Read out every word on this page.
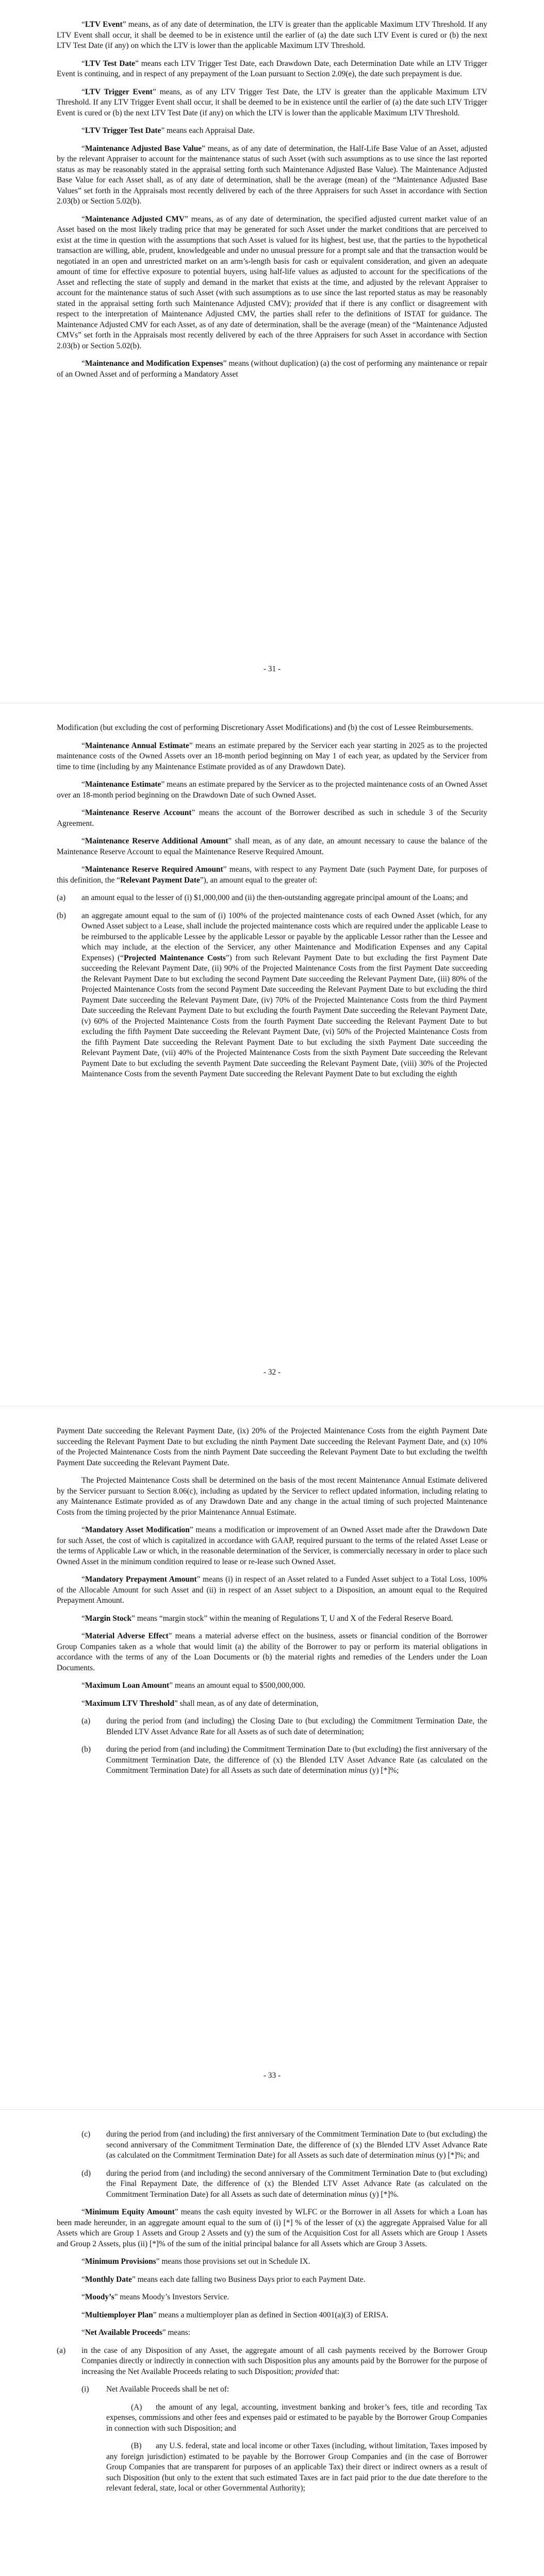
“LTV Event” means, as of any date of determination, the LTV is greater than the applicable Maximum LTV Threshold. If any LTV Event shall occur, it shall be deemed to be in existence until the earlier of (a) the date such LTV Event is cured or (b) the next LTV Test Date (if any) on which the LTV is lower than the applicable Maximum LTV Threshold.

“LTV Test Date” means each LTV Trigger Test Date, each Drawdown Date, each Determination Date while an LTV Trigger Event is continuing, and in respect of any prepayment of the Loan pursuant to Section 2.09(e), the date such prepayment is due.

“LTV Trigger Event” means, as of any LTV Trigger Test Date, the LTV is greater than the applicable Maximum LTV Threshold. If any LTV Trigger Event shall occur, it shall be deemed to be in existence until the earlier of (a) the date such LTV Trigger Event is cured or (b) the next LTV Test Date (if any) on which the LTV is lower than the applicable Maximum LTV Threshold.

“LTV Trigger Test Date” means each Appraisal Date.

“Maintenance Adjusted Base Value” means, as of any date of determination, the Half-Life Base Value of an Asset, adjusted by the relevant Appraiser to account for the maintenance status of such Asset (with such assumptions as to use since the last reported status as may be reasonably stated in the appraisal setting forth such Maintenance Adjusted Base Value). The Maintenance Adjusted Base Value for each Asset shall, as of any date of determination, shall be the average (mean) of the “Maintenance Adjusted Base Values” set forth in the Appraisals most recently delivered by each of the three Appraisers for such Asset in accordance with Section 2.03(b) or Section 5.02(b).

“Maintenance Adjusted CMV” means, as of any date of determination, the specified adjusted current market value of an Asset based on the most likely trading price that may be generated for such Asset under the market conditions that are perceived to exist at the time in question with the assumptions that such Asset is valued for its highest, best use, that the parties to the hypothetical transaction are willing, able, prudent, knowledgeable and under no unusual pressure for a prompt sale and that the transaction would be negotiated in an open and unrestricted market on an arm’s-length basis for cash or equivalent consideration, and given an adequate amount of time for effective exposure to potential buyers, using half-life values as adjusted to account for the specifications of the Asset and reflecting the state of supply and demand in the market that exists at the time, and adjusted by the relevant Appraiser to account for the maintenance status of such Asset (with such assumptions as to use since the last reported status as may be reasonably stated in the appraisal setting forth such Maintenance Adjusted CMV); provided that if there is any conflict or disagreement with respect to the interpretation of Maintenance Adjusted CMV, the parties shall refer to the definitions of ISTAT for guidance. The Maintenance Adjusted CMV for each Asset, as of any date of determination, shall be the average (mean) of the “Maintenance Adjusted CMVs” set forth in the Appraisals most recently delivered by each of the three Appraisers for such Asset in accordance with Section 2.03(b) or Section 5.02(b).

“Maintenance and Modification Expenses” means (without duplication) (a) the cost of performing any maintenance or repair of an Owned Asset and of performing a Mandatory Asset

- 31 -

Modification (but excluding the cost of performing Discretionary Asset Modifications) and (b) the cost of Lessee Reimbursements.

“Maintenance Annual Estimate” means an estimate prepared by the Servicer each year starting in 2025 as to the projected maintenance costs of the Owned Assets over an 18-month period beginning on May 1 of each year, as updated by the Servicer from time to time (including by any Maintenance Estimate provided as of any Drawdown Date).

“Maintenance Estimate” means an estimate prepared by the Servicer as to the projected maintenance costs of an Owned Asset over an 18-month period beginning on the Drawdown Date of such Owned Asset.

“Maintenance Reserve Account” means the account of the Borrower described as such in schedule 3 of the Security Agreement.

“Maintenance Reserve Additional Amount” shall mean, as of any date, an amount necessary to cause the balance of the Maintenance Reserve Account to equal the Maintenance Reserve Required Amount.

“Maintenance Reserve Required Amount” means, with respect to any Payment Date (such Payment Date, for purposes of this definition, the “Relevant Payment Date”), an amount equal to the greater of:

(a) an amount equal to the lesser of (i) $1,000,000 and (ii) the then-outstanding aggregate principal amount of the Loans; and

(b) an aggregate amount equal to the sum of (i) 100% of the projected maintenance costs of each Owned Asset (which, for any Owned Asset subject to a Lease, shall include the projected maintenance costs which are required under the applicable Lease to be reimbursed to the applicable Lessee by the applicable Lessor or payable by the applicable Lessor rather than the Lessee and which may include, at the election of the Servicer, any other Maintenance and Modification Expenses and any Capital Expenses) (“Projected Maintenance Costs”) from such Relevant Payment Date to but excluding the first Payment Date succeeding the Relevant Payment Date, (ii) 90% of the Projected Maintenance Costs from the first Payment Date succeeding the Relevant Payment Date to but excluding the second Payment Date succeeding the Relevant Payment Date, (iii) 80% of the Projected Maintenance Costs from the second Payment Date succeeding the Relevant Payment Date to but excluding the third Payment Date succeeding the Relevant Payment Date, (iv) 70% of the Projected Maintenance Costs from the third Payment Date succeeding the Relevant Payment Date to but excluding the fourth Payment Date succeeding the Relevant Payment Date, (v) 60% of the Projected Maintenance Costs from the fourth Payment Date succeeding the Relevant Payment Date to but excluding the fifth Payment Date succeeding the Relevant Payment Date, (vi) 50% of the Projected Maintenance Costs from the fifth Payment Date succeeding the Relevant Payment Date to but excluding the sixth Payment Date succeeding the Relevant Payment Date, (vii) 40% of the Projected Maintenance Costs from the sixth Payment Date succeeding the Relevant Payment Date to but excluding the seventh Payment Date succeeding the Relevant Payment Date, (viii) 30% of the Projected Maintenance Costs from the seventh Payment Date succeeding the Relevant Payment Date to but excluding the eighth

- 32 -

Payment Date succeeding the Relevant Payment Date, (ix) 20% of the Projected Maintenance Costs from the eighth Payment Date succeeding the Relevant Payment Date to but excluding the ninth Payment Date succeeding the Relevant Payment Date, and (x) 10% of the Projected Maintenance Costs from the ninth Payment Date succeeding the Relevant Payment Date to but excluding the twelfth Payment Date succeeding the Relevant Payment Date.

The Projected Maintenance Costs shall be determined on the basis of the most recent Maintenance Annual Estimate delivered by the Servicer pursuant to Section 8.06(c), including as updated by the Servicer to reflect updated information, including relating to any Maintenance Estimate provided as of any Drawdown Date and any change in the actual timing of such projected Maintenance Costs from the timing projected by the prior Maintenance Annual Estimate.

“Mandatory Asset Modification” means a modification or improvement of an Owned Asset made after the Drawdown Date for such Asset, the cost of which is capitalized in accordance with GAAP, required pursuant to the terms of the related Asset Lease or the terms of Applicable Law or which, in the reasonable determination of the Servicer, is commercially necessary in order to place such Owned Asset in the minimum condition required to lease or re-lease such Owned Asset.

“Mandatory Prepayment Amount” means (i) in respect of an Asset related to a Funded Asset subject to a Total Loss, 100% of the Allocable Amount for such Asset and (ii) in respect of an Asset subject to a Disposition, an amount equal to the Required Prepayment Amount.

“Margin Stock” means “margin stock” within the meaning of Regulations T, U and X of the Federal Reserve Board.

“Material Adverse Effect” means a material adverse effect on the business, assets or financial condition of the Borrower Group Companies taken as a whole that would limit (a) the ability of the Borrower to pay or perform its material obligations in accordance with the terms of any of the Loan Documents or (b) the material rights and remedies of the Lenders under the Loan Documents.

“Maximum Loan Amount” means an amount equal to $500,000,000.

“Maximum LTV Threshold” shall mean, as of any date of determination,

(a) during the period from (and including) the Closing Date to (but excluding) the Commitment Termination Date, the Blended LTV Asset Advance Rate for all Assets as of such date of determination;

(b) during the period from (and including) the Commitment Termination Date to (but excluding) the first anniversary of the Commitment Termination Date, the difference of (x) the Blended LTV Asset Advance Rate (as calculated on the Commitment Termination Date) for all Assets as such date of determination minus (y) [*]%;

- 33 -

(c) during the period from (and including) the first anniversary of the Commitment Termination Date to (but excluding) the second anniversary of the Commitment Termination Date, the difference of (x) the Blended LTV Asset Advance Rate (as calculated on the Commitment Termination Date) for all Assets as such date of determination minus (y) [*]%; and

(d) during the period from (and including) the second anniversary of the Commitment Termination Date to (but excluding) the Final Repayment Date, the difference of (x) the Blended LTV Asset Advance Rate (as calculated on the Commitment Termination Date) for all Assets as such date of determination minus (y) [*]%.

“Minimum Equity Amount” means the cash equity invested by WLFC or the Borrower in all Assets for which a Loan has been made hereunder, in an aggregate amount equal to the sum of (i) [*] % of the lesser of (x) the aggregate Appraised Value for all Assets which are Group 1 Assets and Group 2 Assets and (y) the sum of the Acquisition Cost for all Assets which are Group 1 Assets and Group 2 Assets, plus (ii) [*]% of the sum of the initial principal balance for all Assets which are Group 3 Assets.

“Minimum Provisions” means those provisions set out in Schedule IX.

“Monthly Date” means each date falling two Business Days prior to each Payment Date.

“Moody’s” means Moody’s Investors Service.

“Multiemployer Plan” means a multiemployer plan as defined in Section 4001(a)(3) of ERISA.

“Net Available Proceeds” means:

(a) in the case of any Disposition of any Asset, the aggregate amount of all cash payments received by the Borrower Group Companies directly or indirectly in connection with such Disposition plus any amounts paid by the Borrower for the purpose of increasing the Net Available Proceeds relating to such Disposition; provided that:

(i) Net Available Proceeds shall be net of:

(A) the amount of any legal, accounting, investment banking and broker’s fees, title and recording Tax expenses, commissions and other fees and expenses paid or estimated to be payable by the Borrower Group Companies in connection with such Disposition; and

(B) any U.S. federal, state and local income or other Taxes (including, without limitation, Taxes imposed by any foreign jurisdiction) estimated to be payable by the Borrower Group Companies and (in the case of Borrower Group Companies that are transparent for purposes of an applicable Tax) their direct or indirect owners as a result of such Disposition (but only to the extent that such estimated Taxes are in fact paid prior to the due date therefore to the relevant federal, state, local or other Governmental Authority);
